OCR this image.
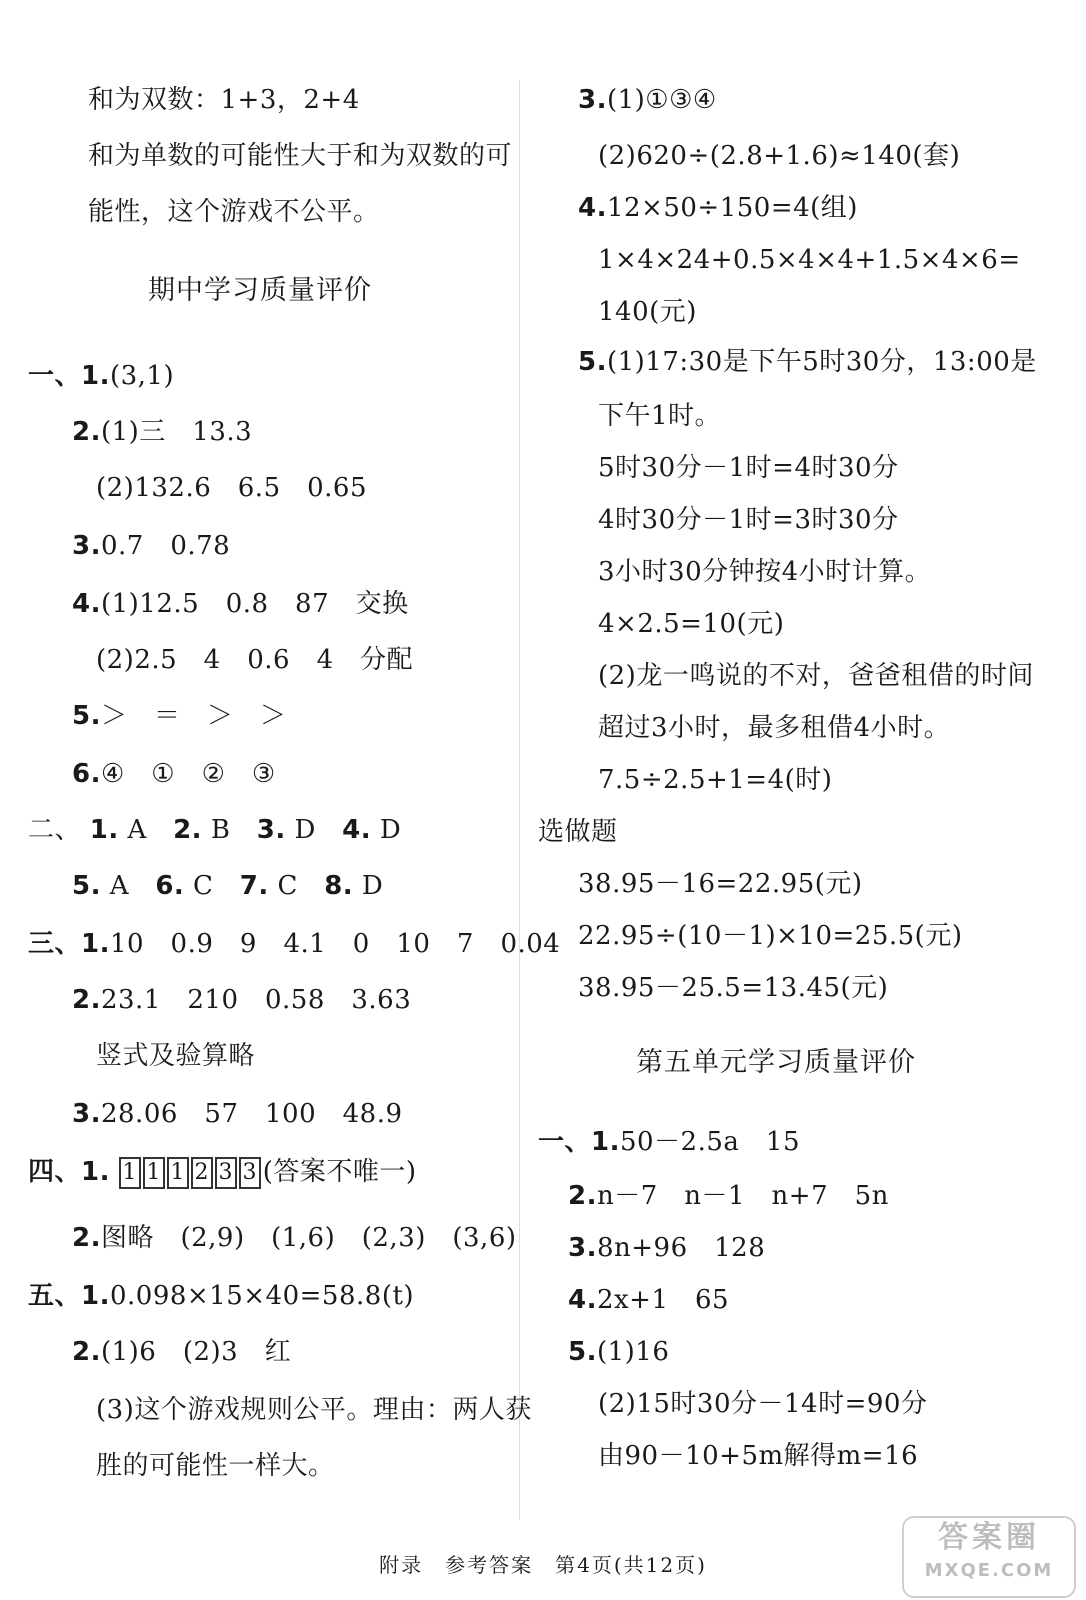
和为双数：1+3，2+4
和为单数的可能性大于和为双数的可
能性，这个游戏不公平。
期中学习质量评价
一、1.(3,1)
2.(1)三　13.3
(2)132.6　6.5　0.65
3.0.7　0.78
4.(1)12.5　0.8　87　交换
(2)2.5　4　0.6　4　分配
5.＞　＝　＞　＞
6.④　①　②　③
二、 1. A 2. B 3. D 4. D
5. A 6. C 7. C 8. D
三、1.10　0.9　9　4.1　0　10　7　0.04
2.23.1　210　0.58　3.63
竖式及验算略
3.28.06　57　100　48.9
四、1. 1 1 1 2 3 3 (答案不唯一)
2.图略　(2,9)　(1,6)　(2,3)　(3,6)
五、1.0.098×15×40=58.8(t)
2.(1)6　(2)3　红
(3)这个游戏规则公平。理由：两人获
胜的可能性一样大。
3.(1)①③④
(2)620÷(2.8+1.6)≈140(套)
4.12×50÷150=4(组)
1×4×24+0.5×4×4+1.5×4×6=
140(元)
5.(1)17:30是下午5时30分，13:00是
下午1时。
5时30分－1时=4时30分
4时30分－1时=3时30分
3小时30分钟按4小时计算。
4×2.5=10(元)
(2)龙一鸣说的不对，爸爸租借的时间
超过3小时，最多租借4小时。
7.5÷2.5+1=4(时)
选做题
38.95－16=22.95(元)
22.95÷(10－1)×10=25.5(元)
38.95－25.5=13.45(元)
第五单元学习质量评价
一、1.50－2.5a　15
2.n－7　n－1　n+7　5n
3.8n+96　128
4.2x+1　65
5.(1)16
(2)15时30分－14时=90分
由90－10+5m解得m=16
附录　参考答案　第4页(共12页)
答案圈
MXQE.COM
